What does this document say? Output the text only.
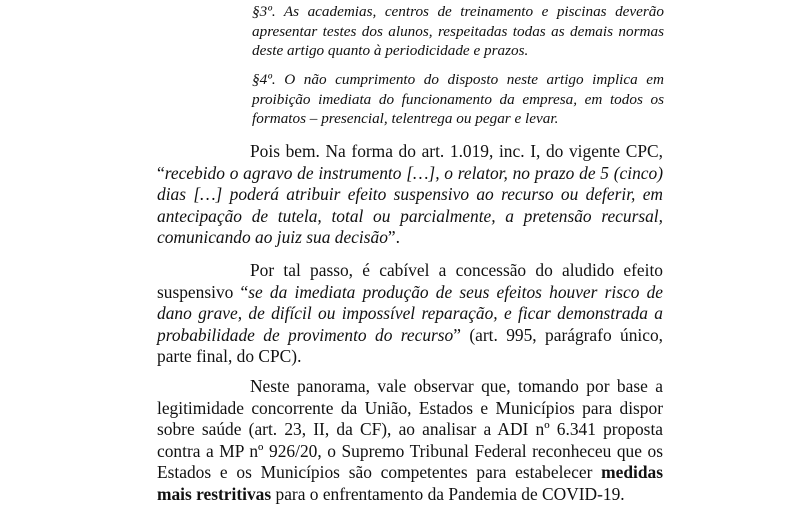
§3º. As academias, centros de treinamento e piscinas deverão apresentar testes dos alunos, respeitadas todas as demais normas deste artigo quanto à periodicidade e prazos.

§4º. O não cumprimento do disposto neste artigo implica em proibição imediata do funcionamento da empresa, em todos os formatos – presencial, telentrega ou pegar e levar.

Pois bem. Na forma do art. 1.019, inc. I, do vigente CPC, “recebido o agravo de instrumento […], o relator, no prazo de 5 (cinco) dias […] poderá atribuir efeito suspensivo ao recurso ou deferir, em antecipação de tutela, total ou parcialmente, a pretensão recursal, comunicando ao juiz sua decisão”.

Por tal passo, é cabível a concessão do aludido efeito suspensivo “se da imediata produção de seus efeitos houver risco de dano grave, de difícil ou impossível reparação, e ficar demonstrada a probabilidade de provimento do recurso” (art. 995, parágrafo único, parte final, do CPC).

Neste panorama, vale observar que, tomando por base a legitimidade concorrente da União, Estados e Municípios para dispor sobre saúde (art. 23, II, da CF), ao analisar a ADI nº 6.341 proposta contra a MP nº 926/20, o Supremo Tribunal Federal reconheceu que os Estados e os Municípios são competentes para estabelecer medidas mais restritivas para o enfrentamento da Pandemia de COVID-19.
